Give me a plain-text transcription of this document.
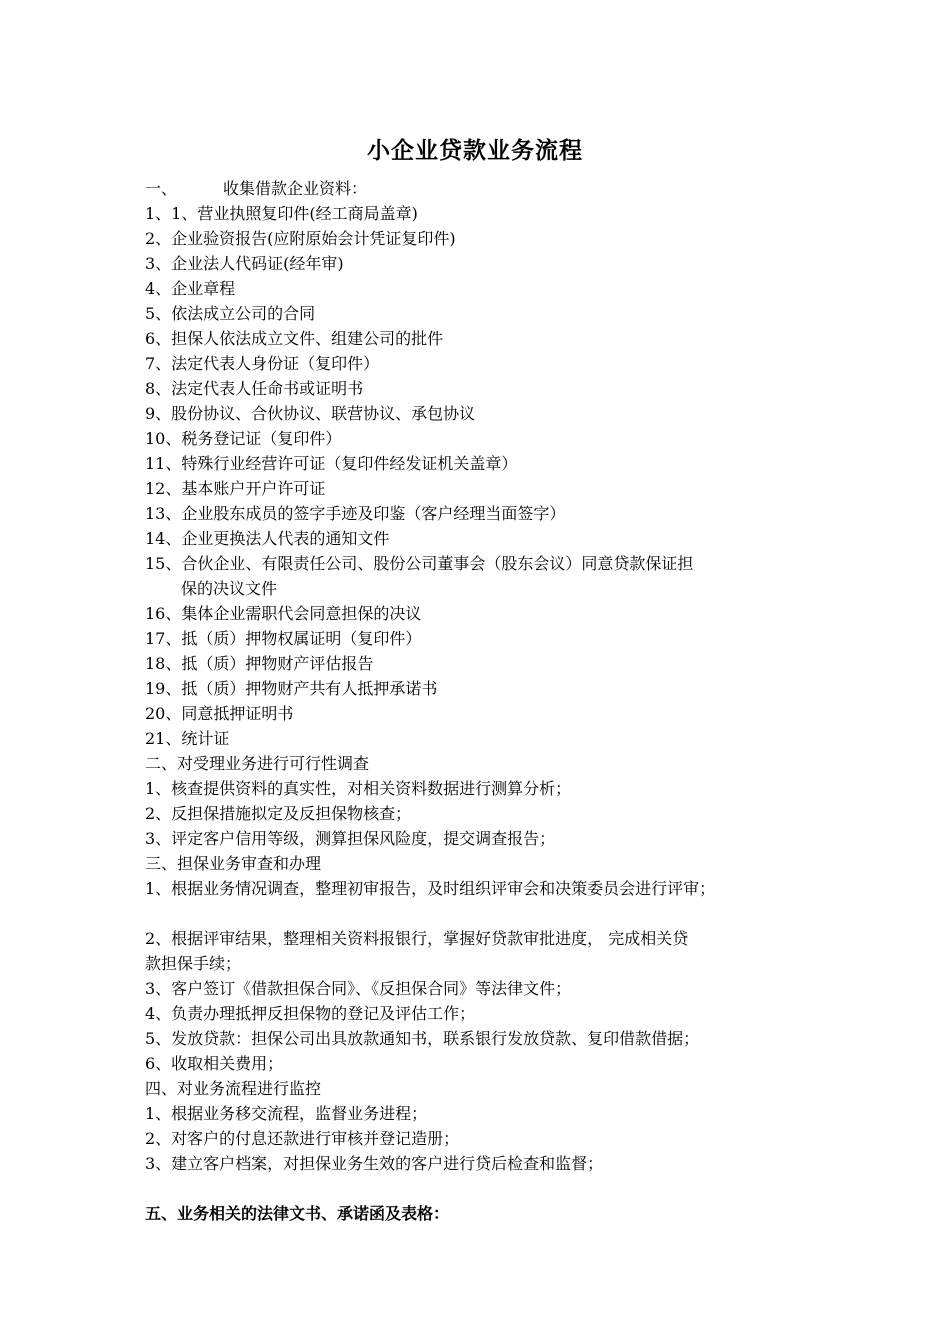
小企业贷款业务流程
一、	收集借款企业资料：
1、1、营业执照复印件(经工商局盖章)
2、企业验资报告(应附原始会计凭证复印件)
3、企业法人代码证(经年审)
4、企业章程
5、依法成立公司的合同
6、担保人依法成立文件、组建公司的批件
7、法定代表人身份证（复印件）
8、法定代表人任命书或证明书
9、股份协议、合伙协议、联营协议、承包协议
10、税务登记证（复印件）
11、特殊行业经营许可证（复印件经发证机关盖章）
12、基本账户开户许可证
13、企业股东成员的签字手迹及印鉴（客户经理当面签字）
14、企业更换法人代表的通知文件
15、合伙企业、有限责任公司、股份公司董事会（股东会议）同意贷款保证担
保的决议文件
16、集体企业需职代会同意担保的决议
17、抵（质）押物权属证明（复印件）
18、抵（质）押物财产评估报告
19、抵（质）押物财产共有人抵押承诺书
20、同意抵押证明书
21、统计证
二、对受理业务进行可行性调查
1、核查提供资料的真实性，对相关资料数据进行测算分析；
2、反担保措施拟定及反担保物核查；
3、评定客户信用等级，测算担保风险度，提交调查报告；
三、担保业务审查和办理
1、根据业务情况调查，整理初审报告，及时组织评审会和决策委员会进行评审；
2、根据评审结果，整理相关资料报银行，掌握好贷款审批进度， 完成相关贷
款担保手续；
3、客户签订《借款担保合同》、《反担保合同》等法律文件；
4、负责办理抵押反担保物的登记及评估工作；
5、发放贷款：担保公司出具放款通知书，联系银行发放贷款、复印借款借据；
6、收取相关费用；
四、对业务流程进行监控
1、根据业务移交流程，监督业务进程；
2、对客户的付息还款进行审核并登记造册；
3、建立客户档案，对担保业务生效的客户进行贷后检查和监督；
五、业务相关的法律文书、承诺函及表格：
